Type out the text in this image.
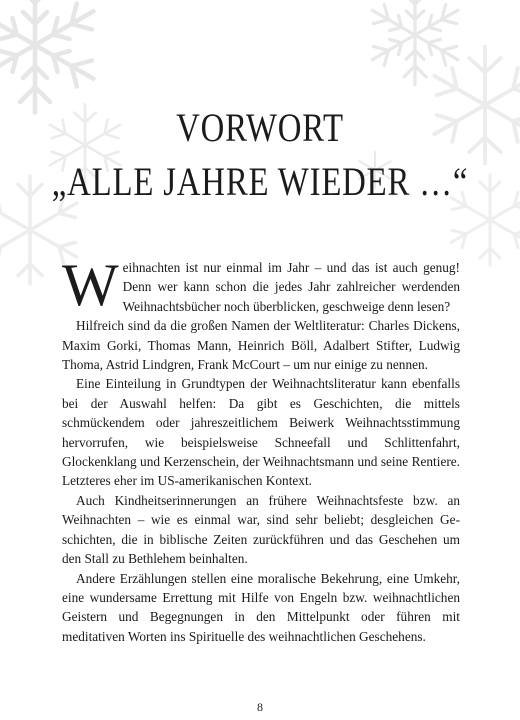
VORWORT
„ALLE JAHRE WIEDER …“

Weihnachten ist nur einmal im Jahr – und das ist auch genug! Denn wer kann schon die jedes Jahr zahlreicher werdenden Weihnachtsbücher noch überblicken, geschweige denn lesen?

Hilfreich sind da die großen Namen der Weltliteratur: Charles Dickens, Maxim Gorki, Thomas Mann, Heinrich Böll, Adalbert Stifter, Ludwig Thoma, Astrid Lindgren, Frank McCourt – um nur einige zu nennen.

Eine Einteilung in Grundtypen der Weihnachtsliteratur kann ebenfalls bei der Auswahl helfen: Da gibt es Geschichten, die mittels schmückendem oder jahreszeitlichem Beiwerk Weihnachtsstimmung hervorrufen, wie beispielsweise Schneefall und Schlittenfahrt, Glockenklang und Kerzenschein, der Weihnachtsmann und seine Rentiere. Letzteres eher im US-amerikanischen Kontext.

Auch Kindheitserinnerungen an frühere Weihnachtsfeste bzw. an Weihnachten – wie es einmal war, sind sehr beliebt; desgleichen Geschichten, die in biblische Zeiten zurückführen und das Geschehen um den Stall zu Bethlehem beinhalten.

Andere Erzählungen stellen eine moralische Bekehrung, eine Umkehr, eine wundersame Errettung mit Hilfe von Engeln bzw. weihnachtlichen Geistern und Begegnungen in den Mittelpunkt oder führen mit meditativen Worten ins Spirituelle des weihnachtlichen Geschehens.

8
